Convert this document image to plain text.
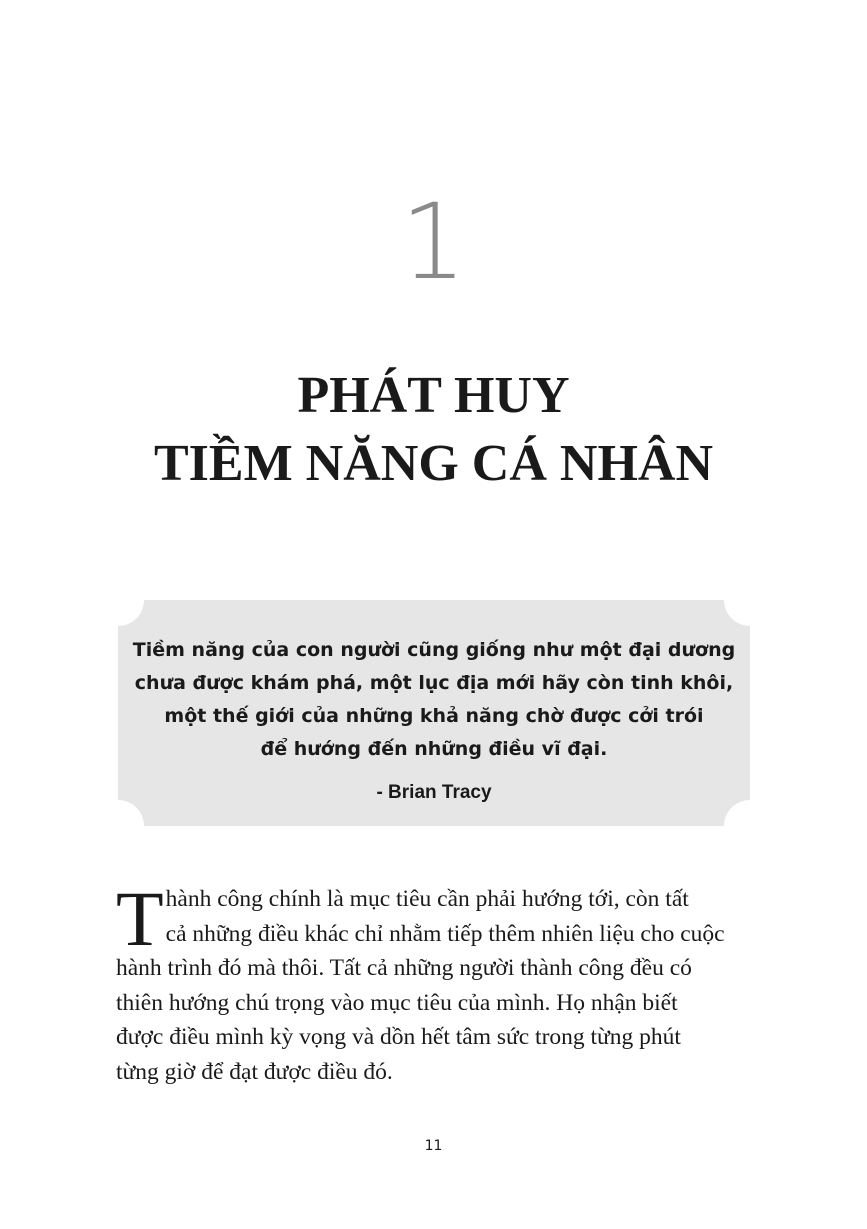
1
PHÁT HUY
TIỀM NĂNG CÁ NHÂN
Tiềm năng của con người cũng giống như một đại dương
chưa được khám phá, một lục địa mới hãy còn tinh khôi,
một thế giới của những khả năng chờ được cởi trói
để hướng đến những điều vĩ đại.
- Brian Tracy
T hành công chính là mục tiêu cần phải hướng tới, còn tất
cả những điều khác chỉ nhằm tiếp thêm nhiên liệu cho cuộc
hành trình đó mà thôi. Tất cả những người thành công đều có
thiên hướng chú trọng vào mục tiêu của mình. Họ nhận biết
được điều mình kỳ vọng và dồn hết tâm sức trong từng phút
từng giờ để đạt được điều đó.
11
